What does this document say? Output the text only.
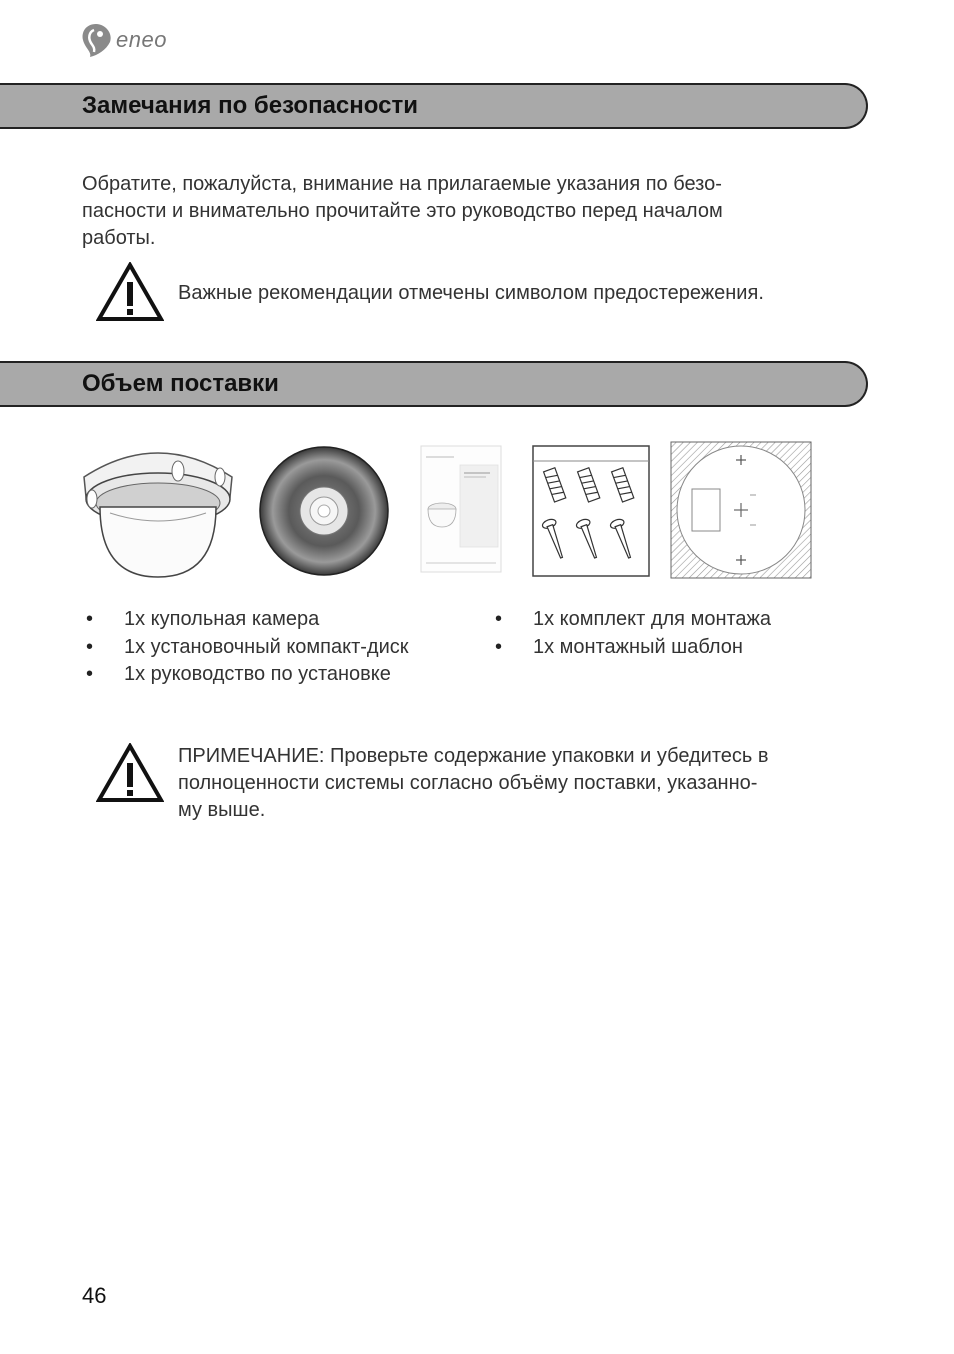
eneo
Замечания по безопасности
Обратите, пожалуйста, внимание на прилагаемые указания по безо-
пасности и внимательно прочитайте это руководство перед началом
работы.
Важные рекомендации отмечены символом предостережения.
Объем поставки
• 1x купольная камера
• 1x установочный компакт-диск
• 1x руководство по установке
• 1x комплект для монтажа
• 1x монтажный шаблон
ПРИМЕЧАНИЕ: Проверьте содержание упаковки и убедитесь в
полноценности системы согласно объёму поставки, указанно-
му выше.
46
